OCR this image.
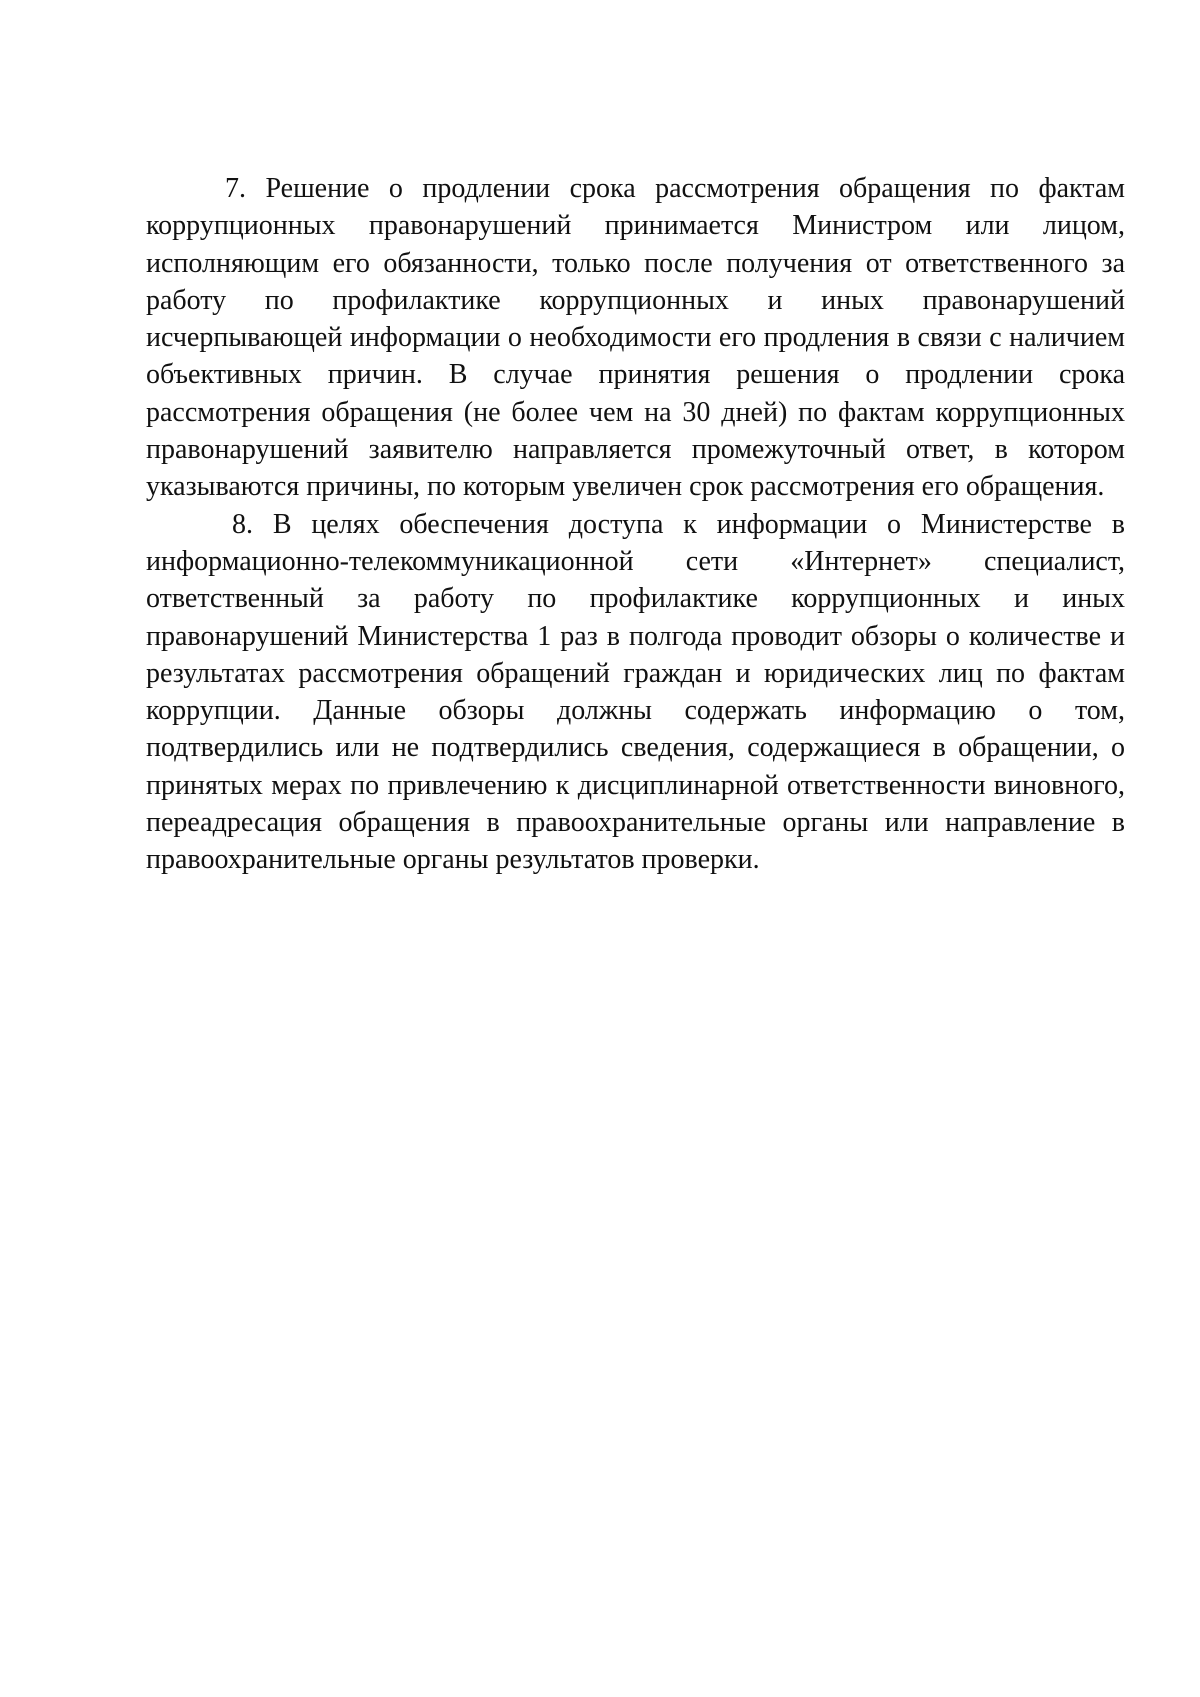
7. Решение о продлении срока рассмотрения обращения по фактам коррупционных правонарушений принимается Министром или лицом, исполняющим его обязанности, только после получения от ответственного за работу по профилактике коррупционных и иных правонарушений исчерпывающей информации о необходимости его продления в связи с наличием объективных причин. В случае принятия решения о продлении срока рассмотрения обращения (не более чем на 30 дней) по фактам коррупционных правонарушений заявителю направляется промежуточный ответ, в котором указываются причины, по которым увеличен срок рассмотрения его обращения.

8. В целях обеспечения доступа к информации о Министерстве в информационно-телекоммуникационной сети «Интернет» специалист, ответственный за работу по профилактике коррупционных и иных правонарушений Министерства 1 раз в полгода проводит обзоры о количестве и результатах рассмотрения обращений граждан и юридических лиц по фактам коррупции. Данные обзоры должны содержать информацию о том, подтвердились или не подтвердились сведения, содержащиеся в обращении, о принятых мерах по привлечению к дисциплинарной ответственности виновного, переадресация обращения в правоохранительные органы или направление в правоохранительные органы результатов проверки.
